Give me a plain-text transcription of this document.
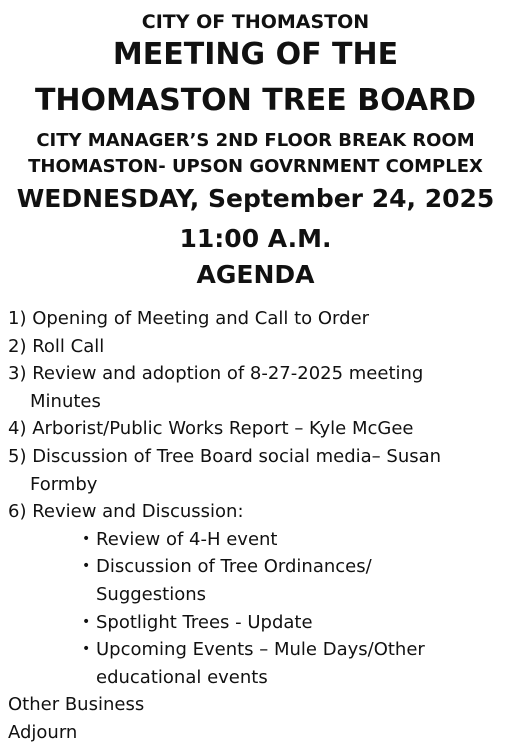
CITY OF THOMASTON
MEETING OF THE
THOMASTON TREE BOARD
CITY MANAGER’S 2ND FLOOR BREAK ROOM
THOMASTON- UPSON GOVRNMENT COMPLEX
WEDNESDAY, September 24, 2025
11:00 A.M.
AGENDA
1) Opening of Meeting and Call to Order
2) Roll Call
3) Review and adoption of 8-27-2025 meeting
Minutes
4) Arborist/Public Works Report – Kyle McGee
5) Discussion of Tree Board social media– Susan
Formby
6) Review and Discussion:
• Review of 4-H event
• Discussion of Tree Ordinances/
Suggestions
• Spotlight Trees - Update
• Upcoming Events – Mule Days/Other
educational events
Other Business
Adjourn
